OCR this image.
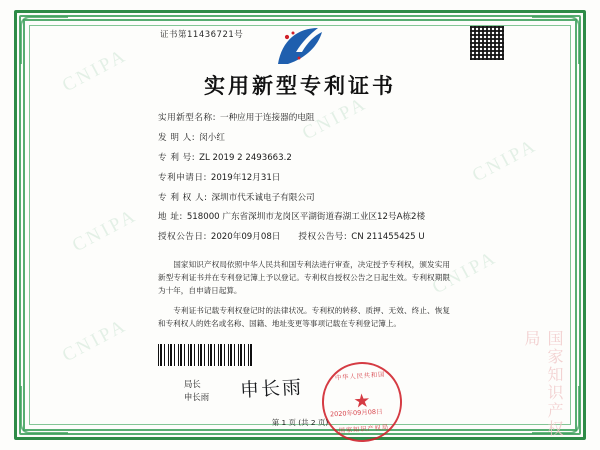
CNIPA
CNIPA
CNIPA
CNIPA
CNIPA
CNIPA
证书第11436721号
实用新型专利证书
实用新型名称: 一种应用于连接器的电阻
发 明 人: 闵小红
专 利 号: ZL 2019 2 2493663.2
专利申请日: 2019年12月31日
专 利 权 人: 深圳市代禾诚电子有限公司
地 址: 518000 广东省深圳市龙岗区平湖街道春湖工业区12号A栋2楼
授权公告日: 2020年09月08日 授权公告号: CN 211455425 U

国家知识产权局依照中华人民共和国专利法进行审查，决定授予专利权，颁发实用新型专利证书并在专利登记簿上予以登记。专利权自授权公告之日起生效。专利权期限为十年，自申请日起算。

专利证书记载专利权登记时的法律状况。专利权的转移、质押、无效、终止、恢复和专利权人的姓名或名称、国籍、地址变更等事项记载在专利登记簿上。

局长
申长雨 申长雨	中华人民共和国
★
国家知识产权局
2020年09月08日	国家知识产权局
第 1 页 (共 2 页)
